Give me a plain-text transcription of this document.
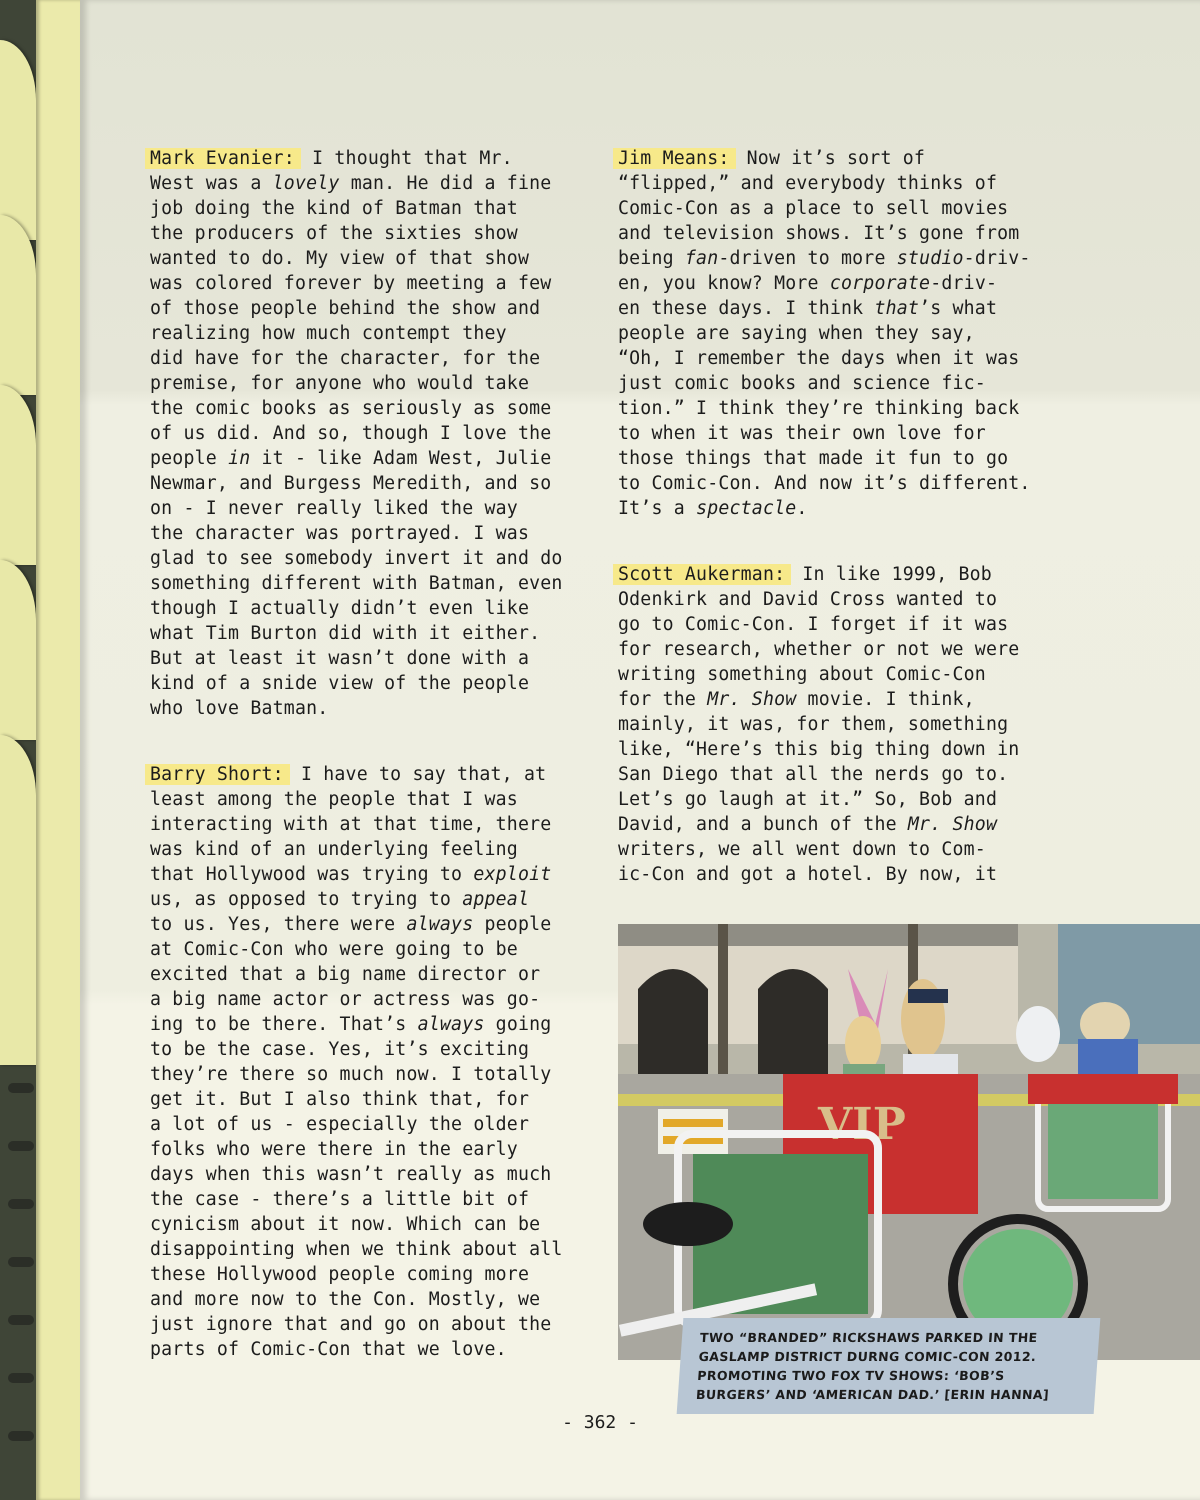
Mark Evanier: I thought that Mr.
West was a lovely man. He did a fine
job doing the kind of Batman that
the producers of the sixties show
wanted to do. My view of that show
was colored forever by meeting a few
of those people behind the show and
realizing how much contempt they
did have for the character, for the
premise, for anyone who would take
the comic books as seriously as some
of us did. And so, though I love the
people in it - like Adam West, Julie
Newmar, and Burgess Meredith, and so
on - I never really liked the way
the character was portrayed. I was
glad to see somebody invert it and do
something different with Batman, even
though I actually didn’t even like
what Tim Burton did with it either.
But at least it wasn’t done with a
kind of a snide view of the people
who love Batman.
Barry Short: I have to say that, at
least among the people that I was
interacting with at that time, there
was kind of an underlying feeling
that Hollywood was trying to exploit
us, as opposed to trying to appeal
to us. Yes, there were always people
at Comic-Con who were going to be
excited that a big name director or
a big name actor or actress was go-
ing to be there. That’s always going
to be the case. Yes, it’s exciting
they’re there so much now. I totally
get it. But I also think that, for
a lot of us - especially the older
folks who were there in the early
days when this wasn’t really as much
the case - there’s a little bit of
cynicism about it now. Which can be
disappointing when we think about all
these Hollywood people coming more
and more now to the Con. Mostly, we
just ignore that and go on about the
parts of Comic-Con that we love.
Jim Means: Now it’s sort of
“flipped,” and everybody thinks of
Comic-Con as a place to sell movies
and television shows. It’s gone from
being fan-driven to more studio-driv-
en, you know? More corporate-driv-
en these days. I think that’s what
people are saying when they say,
“Oh, I remember the days when it was
just comic books and science fic-
tion.” I think they’re thinking back
to when it was their own love for
those things that made it fun to go
to Comic-Con. And now it’s different.
It’s a spectacle.
Scott Aukerman: In like 1999, Bob
Odenkirk and David Cross wanted to
go to Comic-Con. I forget if it was
for research, whether or not we were
writing something about Comic-Con
for the Mr. Show movie. I think,
mainly, it was, for them, something
like, “Here’s this big thing down in
San Diego that all the nerds go to.
Let’s go laugh at it.” So, Bob and
David, and a bunch of the Mr. Show
writers, we all went down to Com-
ic-Con and got a hotel. By now, it
VIP
TWO “BRANDED” RICKSHAWS PARKED IN THE GASLAMP DISTRICT DURNG COMIC-CON 2012. PROMOTING TWO FOX TV SHOWS: ‘BOB’S BURGERS’ AND ‘AMERICAN DAD.’ [ERIN HANNA]
- 362 -
